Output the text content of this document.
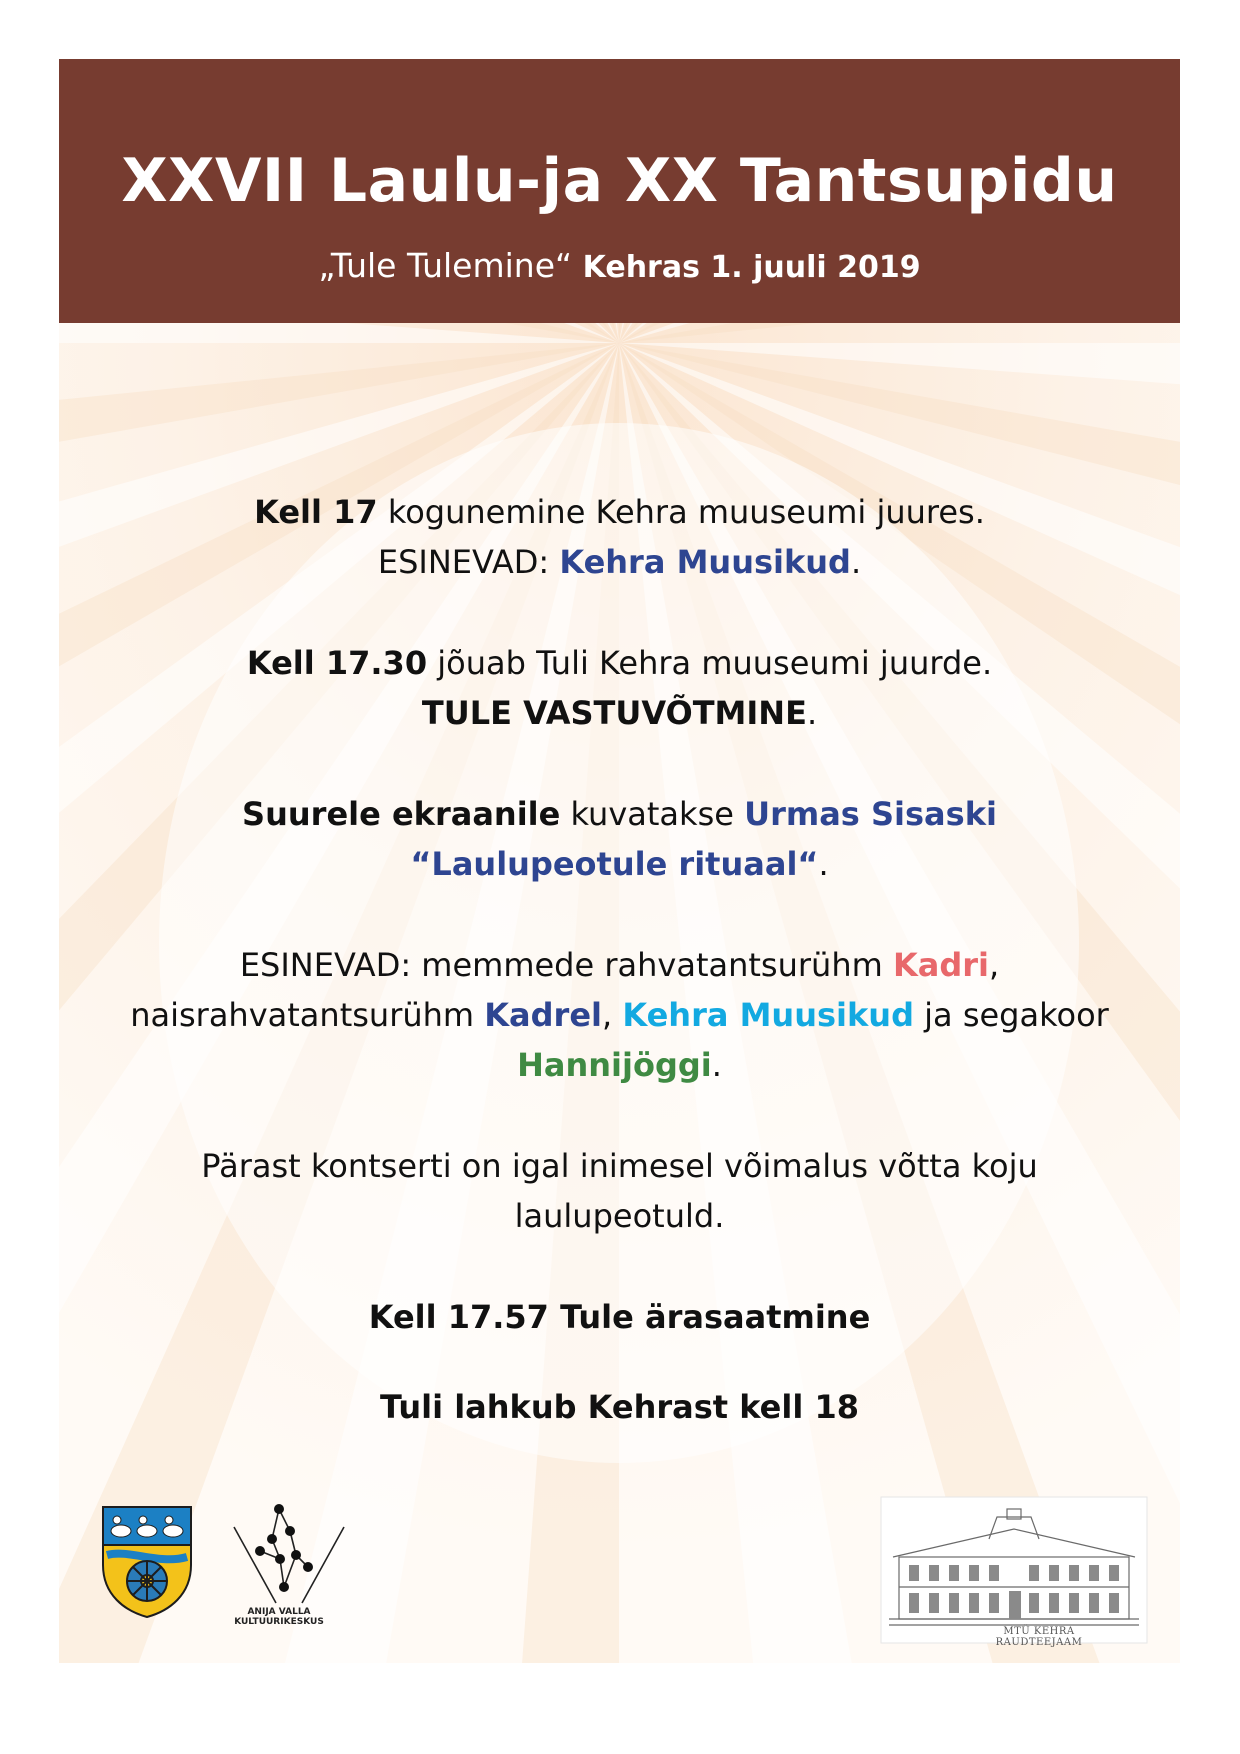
XXVII Laulu-ja XX Tantsupidu
„Tule Tulemine“ Kehras 1. juuli 2019
Kell 17 kogunemine Kehra muuseumi juures.
ESINEVAD: Kehra Muusikud.
Kell 17.30 jõuab Tuli Kehra muuseumi juurde.
TULE VASTUVÕTMINE.
Suurele ekraanile kuvatakse Urmas Sisaski
“Laulupeotule rituaal“.
ESINEVAD: memmede rahvatantsurühm Kadri,
naisrahvatantsurühm Kadrel, Kehra Muusikud ja segakoor
Hannijöggi.
Pärast kontserti on igal inimesel võimalus võtta koju
laulupeotuld.
Kell 17.57 Tule ärasaatmine
Tuli lahkub Kehrast kell 18
ANIJA VALLA
KULTUURIKESKUS
MTÜ KEHRA RAUDTEEJAAM
